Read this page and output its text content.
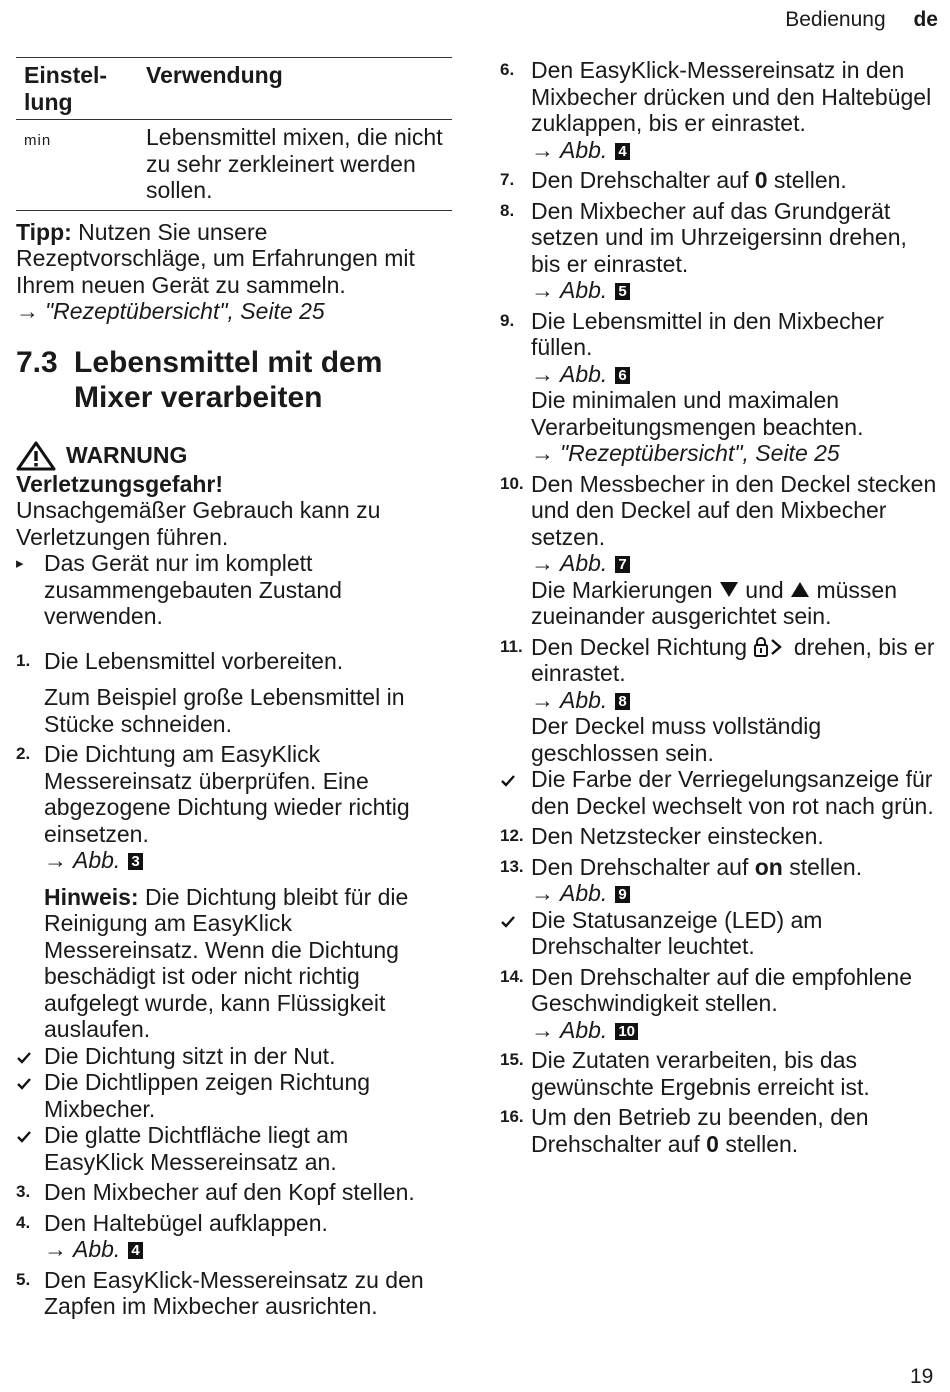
Bedienung de
Einstel-
lung
Verwendung
min	Lebensmittel mixen, die nicht zu sehr zerkleinert werden sollen.
Tipp: Nutzen Sie unsere Rezeptvorschläge, um Erfahrungen mit Ihrem neuen Gerät zu sammeln.
→ "Rezeptübersicht", Seite 25
7.3 Lebensmittel mit dem Mixer verarbeiten
WARNUNG
Verletzungsgefahr!
Unsachgemäßer Gebrauch kann zu Verletzungen führen.
▸ Das Gerät nur im komplett zusammengebauten Zustand verwenden.
1. Die Lebensmittel vorbereiten.
Zum Beispiel große Lebensmittel in Stücke schneiden.
2. Die Dichtung am EasyKlick Messereinsatz überprüfen. Eine abgezogene Dichtung wieder richtig einsetzen.
→ Abb. 3
Hinweis: Die Dichtung bleibt für die Reinigung am EasyKlick Messereinsatz. Wenn die Dichtung beschädigt ist oder nicht richtig aufgelegt wurde, kann Flüssigkeit auslaufen.
Die Dichtung sitzt in der Nut.
Die Dichtlippen zeigen Richtung Mixbecher.
Die glatte Dichtfläche liegt am EasyKlick Messereinsatz an.
3. Den Mixbecher auf den Kopf stellen.
4. Den Haltebügel aufklappen.
→ Abb. 4
5. Den EasyKlick-Messereinsatz zu den Zapfen im Mixbecher ausrichten.
6. Den EasyKlick-Messereinsatz in den Mixbecher drücken und den Haltebügel zuklappen, bis er einrastet.
→ Abb. 4
7. Den Drehschalter auf 0 stellen.
8. Den Mixbecher auf das Grundgerät setzen und im Uhrzeigersinn drehen, bis er einrastet.
→ Abb. 5
9. Die Lebensmittel in den Mixbecher füllen.
→ Abb. 6
Die minimalen und maximalen Verarbeitungsmengen beachten.
→ "Rezeptübersicht", Seite 25
10. Den Messbecher in den Deckel stecken und den Deckel auf den Mixbecher setzen.
→ Abb. 7
Die Markierungen  und  müssen zueinander ausgerichtet sein.
11. Den Deckel Richtung  drehen, bis er einrastet.
→ Abb. 8
Der Deckel muss vollständig geschlossen sein.
Die Farbe der Verriegelungsanzeige für den Deckel wechselt von rot nach grün.
12. Den Netzstecker einstecken.
13. Den Drehschalter auf on stellen.
→ Abb. 9
Die Statusanzeige (LED) am Drehschalter leuchtet.
14. Den Drehschalter auf die empfohlene Geschwindigkeit stellen.
→ Abb. 10
15. Die Zutaten verarbeiten, bis das gewünschte Ergebnis erreicht ist.
16. Um den Betrieb zu beenden, den Drehschalter auf 0 stellen.
19
